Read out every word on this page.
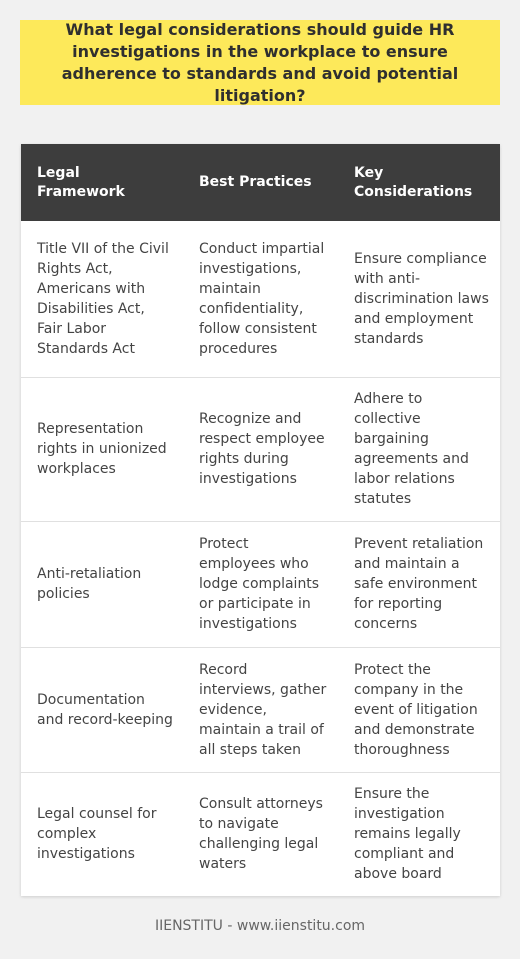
What legal considerations should guide HR investigations in the workplace to ensure adherence to standards and avoid potential litigation?
Legal Framework	Best Practices	Key Considerations
Title VII of the Civil Rights Act, Americans with Disabilities Act, Fair Labor Standards Act	Conduct impartial investigations, maintain confidentiality, follow consistent procedures	Ensure compliance with anti-discrimination laws and employment standards
Representation rights in unionized workplaces	Recognize and respect employee rights during investigations	Adhere to collective bargaining agreements and labor relations statutes
Anti-retaliation policies	Protect employees who lodge complaints or participate in investigations	Prevent retaliation and maintain a safe environment for reporting concerns
Documentation and record-keeping	Record interviews, gather evidence, maintain a trail of all steps taken	Protect the company in the event of litigation and demonstrate thoroughness
Legal counsel for complex investigations	Consult attorneys to navigate challenging legal waters	Ensure the investigation remains legally compliant and above board
IIENSTITU - www.iienstitu.com
